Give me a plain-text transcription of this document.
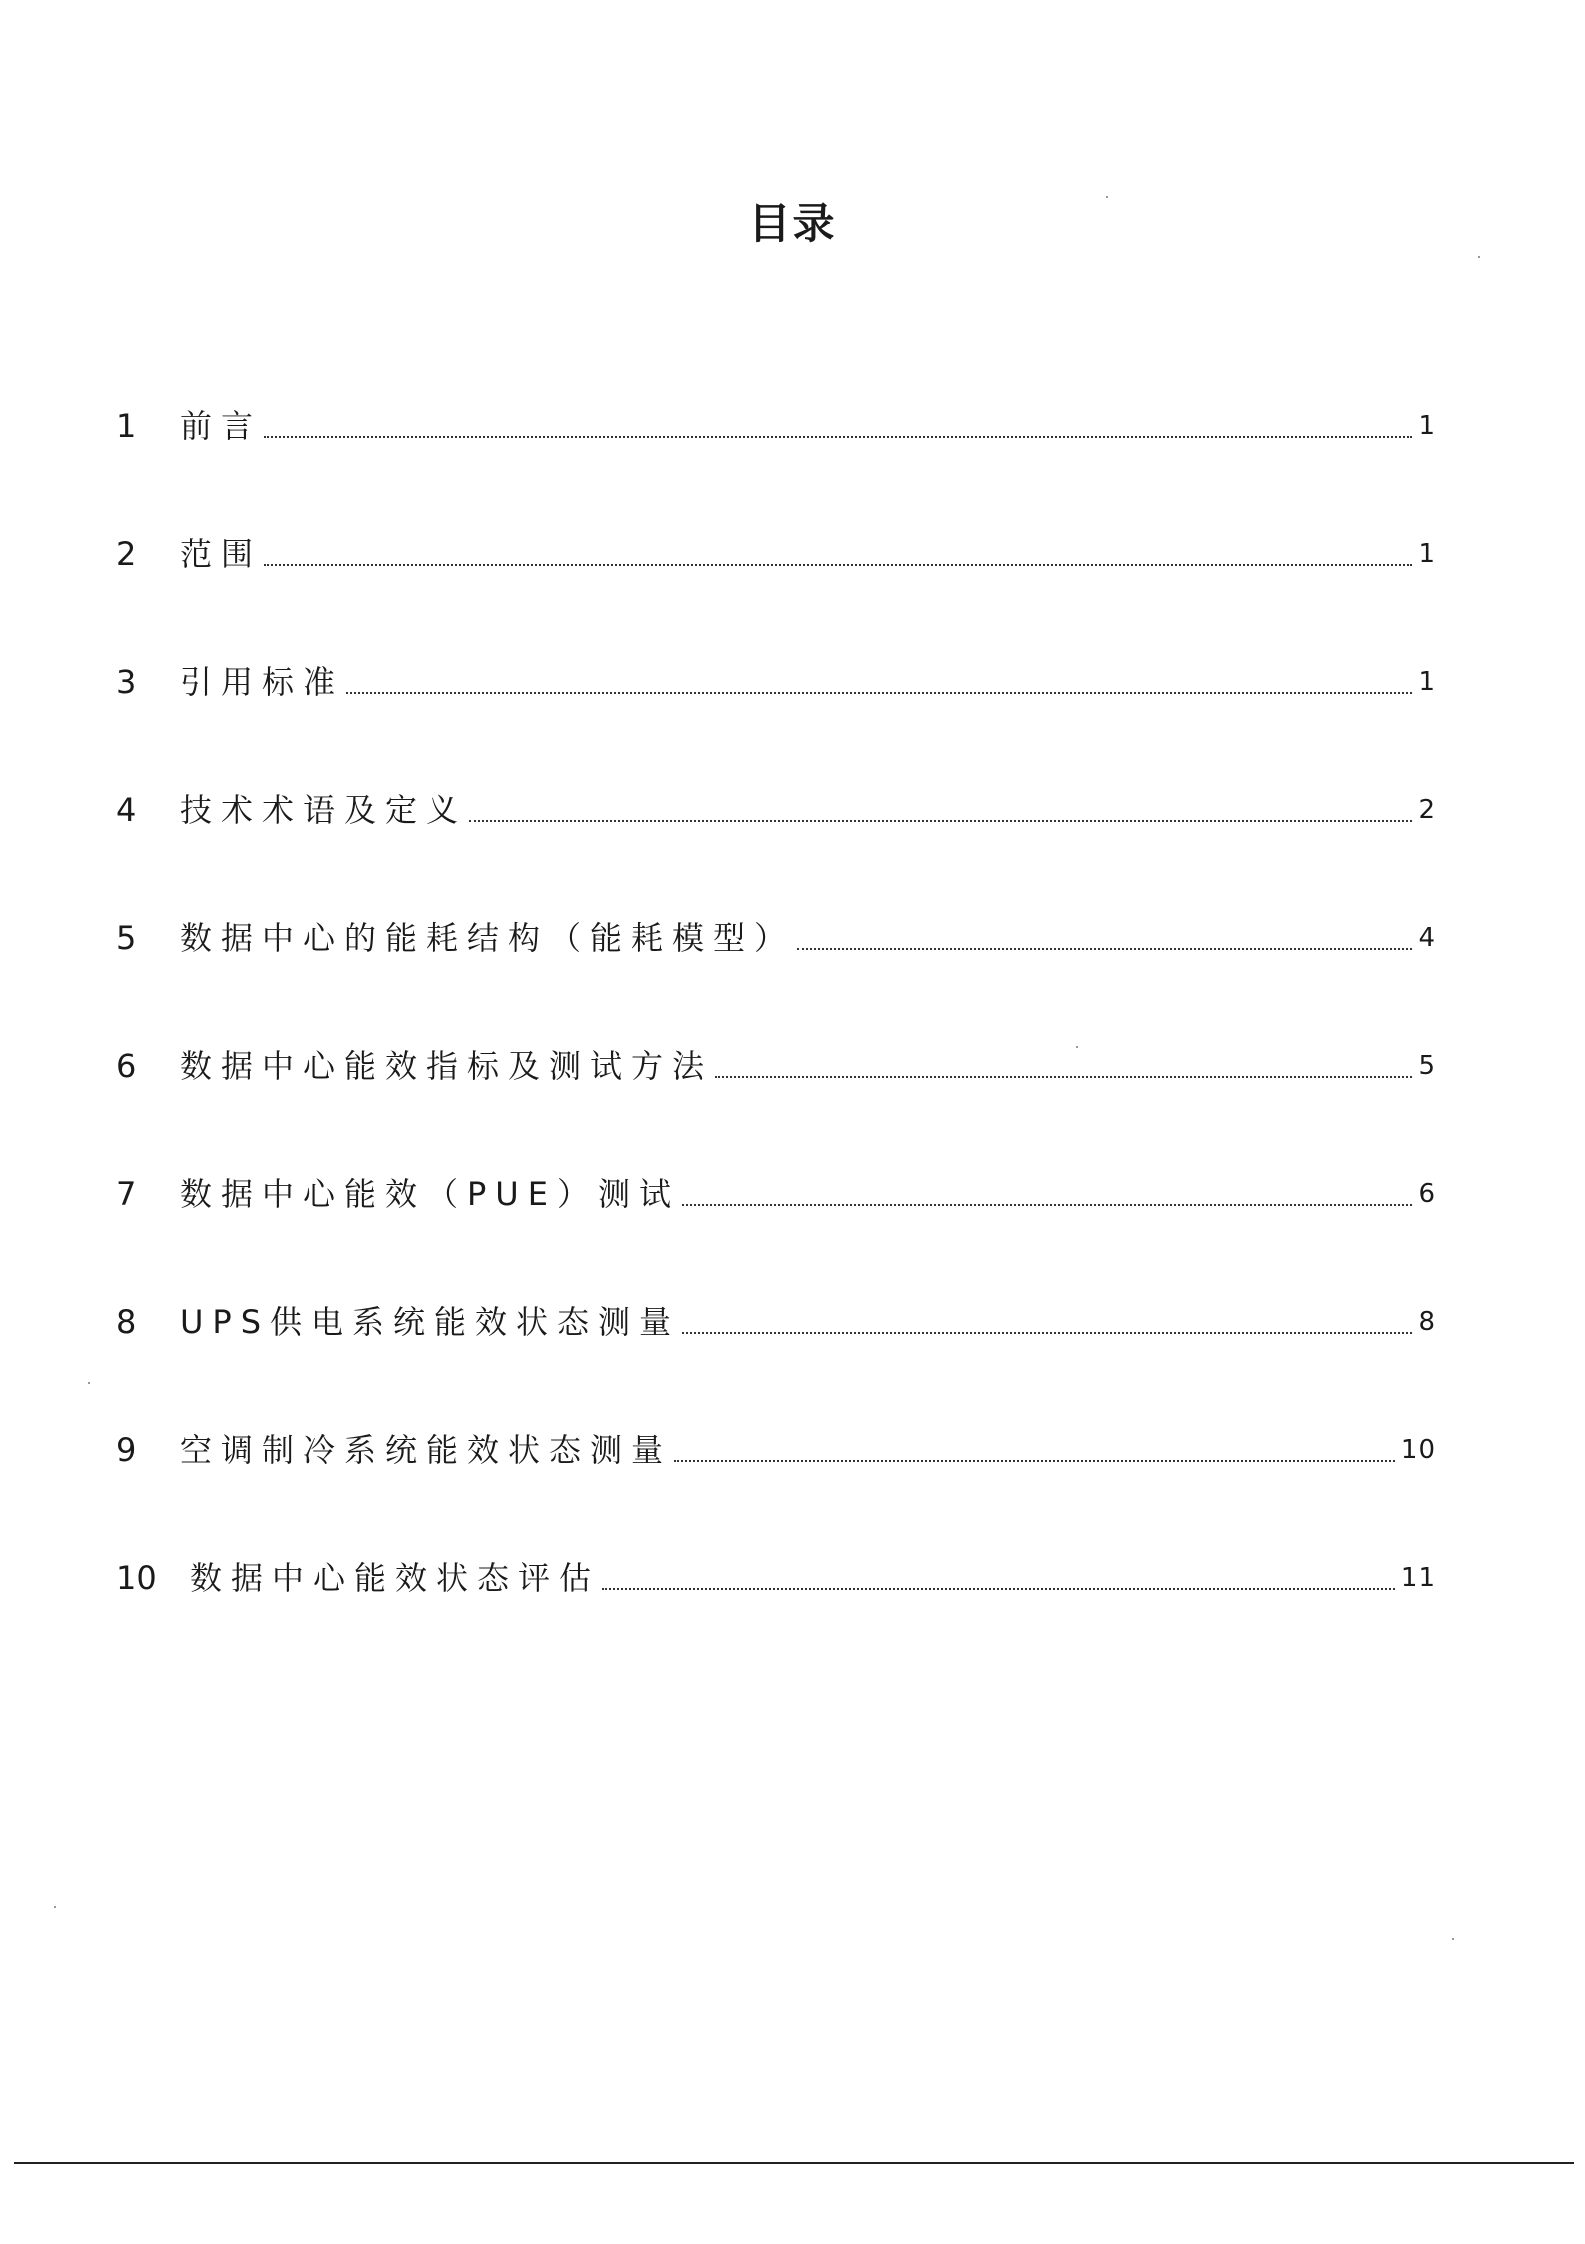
目录
1	前言	1
2	范围	1
3	引用标准	1
4	技术术语及定义	2
5	数据中心的能耗结构（能耗模型）	4
6	数据中心能效指标及测试方法	5
7	数据中心能效（PUE）测试	6
8	UPS供电系统能效状态测量	8
9	空调制冷系统能效状态测量	10
10	数据中心能效状态评估	11
